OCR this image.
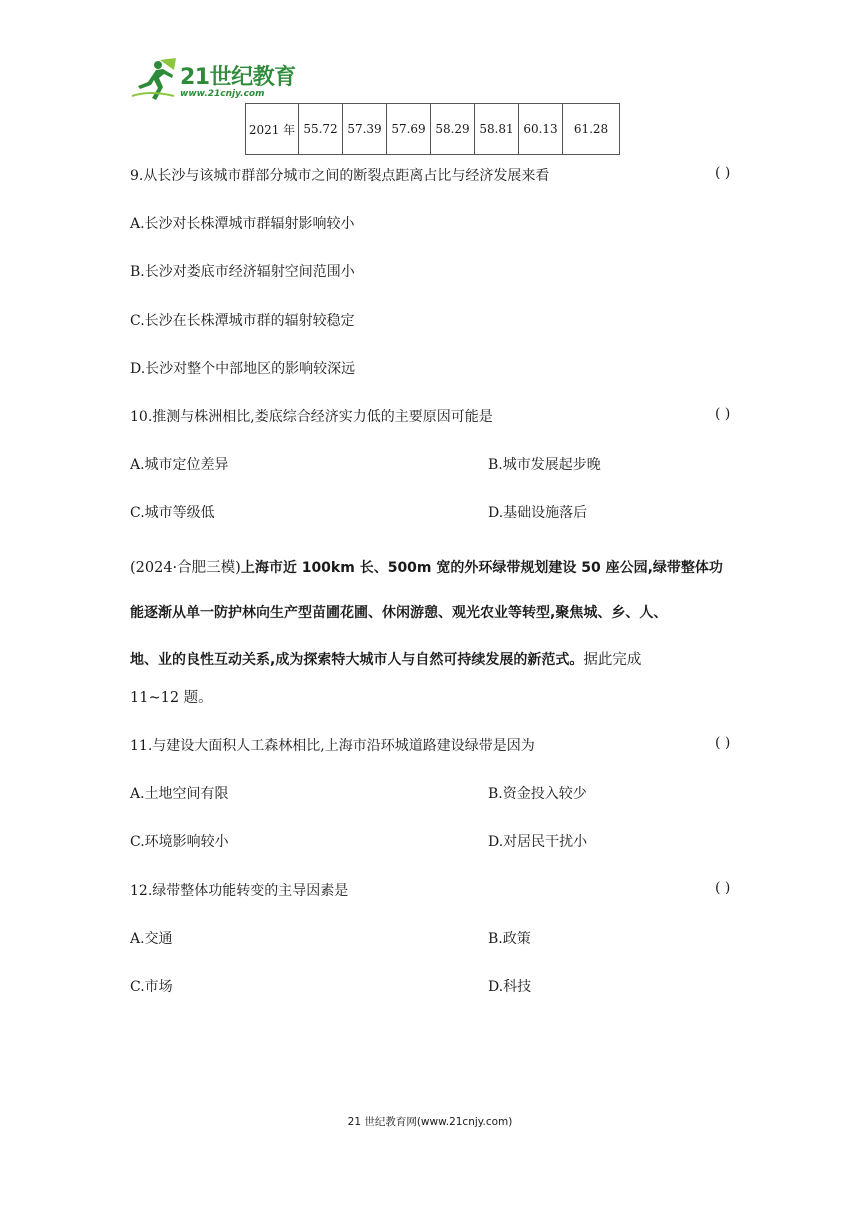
21世纪教育
www.21cnjy.com
2021 年	55.72	57.39	57.69	58.29	58.81	60.13	61.28
9.从长沙与该城市群部分城市之间的断裂点距离占比与经济发展来看	( )
A.长沙对长株潭城市群辐射影响较小
B.长沙对娄底市经济辐射空间范围小
C.长沙在长株潭城市群的辐射较稳定
D.长沙对整个中部地区的影响较深远
10.推测与株洲相比,娄底综合经济实力低的主要原因可能是	( )
A.城市定位差异	B.城市发展起步晚
C.城市等级低	D.基础设施落后
(2024·合肥三模)上海市近 100km 长、500m 宽的外环绿带规划建设 50 座公园,绿带整体功
能逐渐从单一防护林向生产型苗圃花圃、休闲游憩、观光农业等转型,聚焦城、乡、人、
地、业的良性互动关系,成为探索特大城市人与自然可持续发展的新范式。据此完成
11~12 题。
11.与建设大面积人工森林相比,上海市沿环城道路建设绿带是因为	( )
A.土地空间有限	B.资金投入较少
C.环境影响较小	D.对居民干扰小
12.绿带整体功能转变的主导因素是	( )
A.交通	B.政策
C.市场	D.科技
21 世纪教育网(www.21cnjy.com)
